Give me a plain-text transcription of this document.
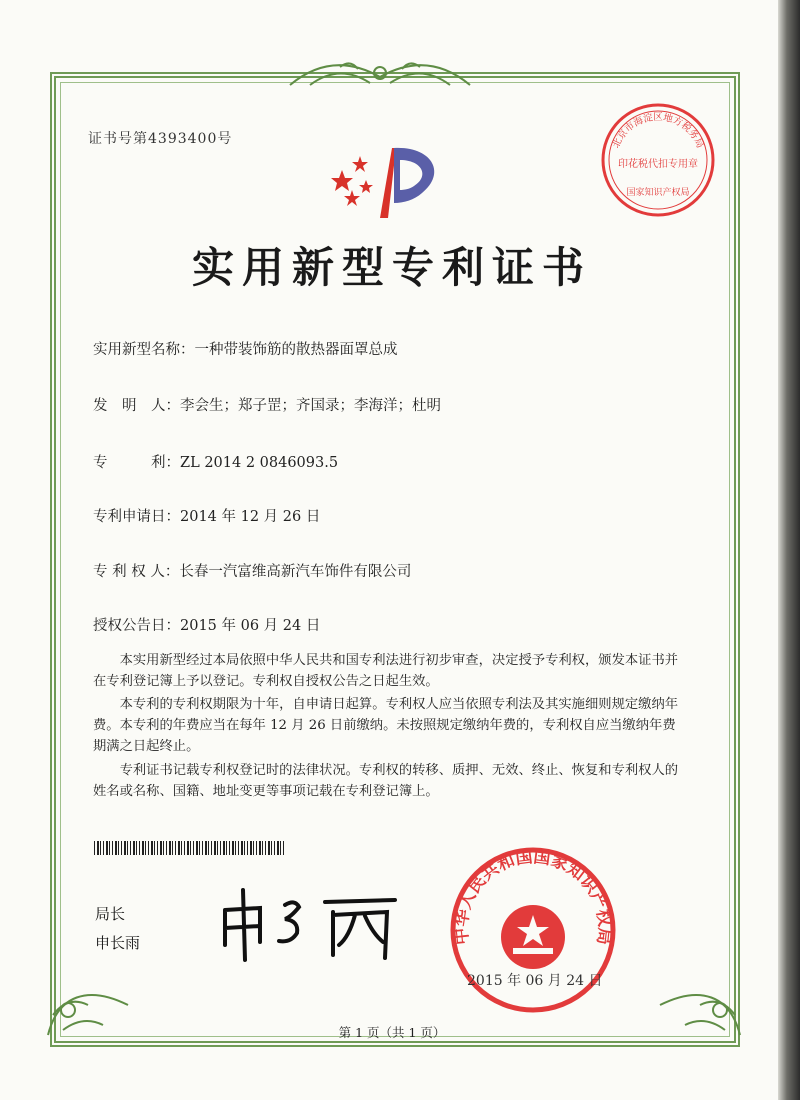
证书号第4393400号
实用新型专利证书
实用新型名称：一种带装饰筋的散热器面罩总成
发　明　人：李会生；郑子罡；齐国录；李海洋；杜明
专　　　利：ZL 2014 2 0846093.5
专利申请日：2014 年 12 月 26 日
专 利 权 人：长春一汽富维高新汽车饰件有限公司
授权公告日：2015 年 06 月 24 日

　　本实用新型经过本局依照中华人民共和国专利法进行初步审查，决定授予专利权，颁发本证书并在专利登记簿上予以登记。专利权自授权公告之日起生效。

　　本专利的专利权期限为十年，自申请日起算。专利权人应当依照专利法及其实施细则规定缴纳年费。本专利的年费应当在每年 12 月 26 日前缴纳。未按照规定缴纳年费的，专利权自应当缴纳年费期满之日起终止。

　　专利证书记载专利权登记时的法律状况。专利权的转移、质押、无效、终止、恢复和专利权人的姓名或名称、国籍、地址变更等事项记载在专利登记簿上。

局长
申长雨
北京市海淀区地方税务局
印花税代扣专用章
国家知识产权局
中华人民共和国国家知识产权局
2015 年 06 月 24 日
第 1 页（共 1 页）
